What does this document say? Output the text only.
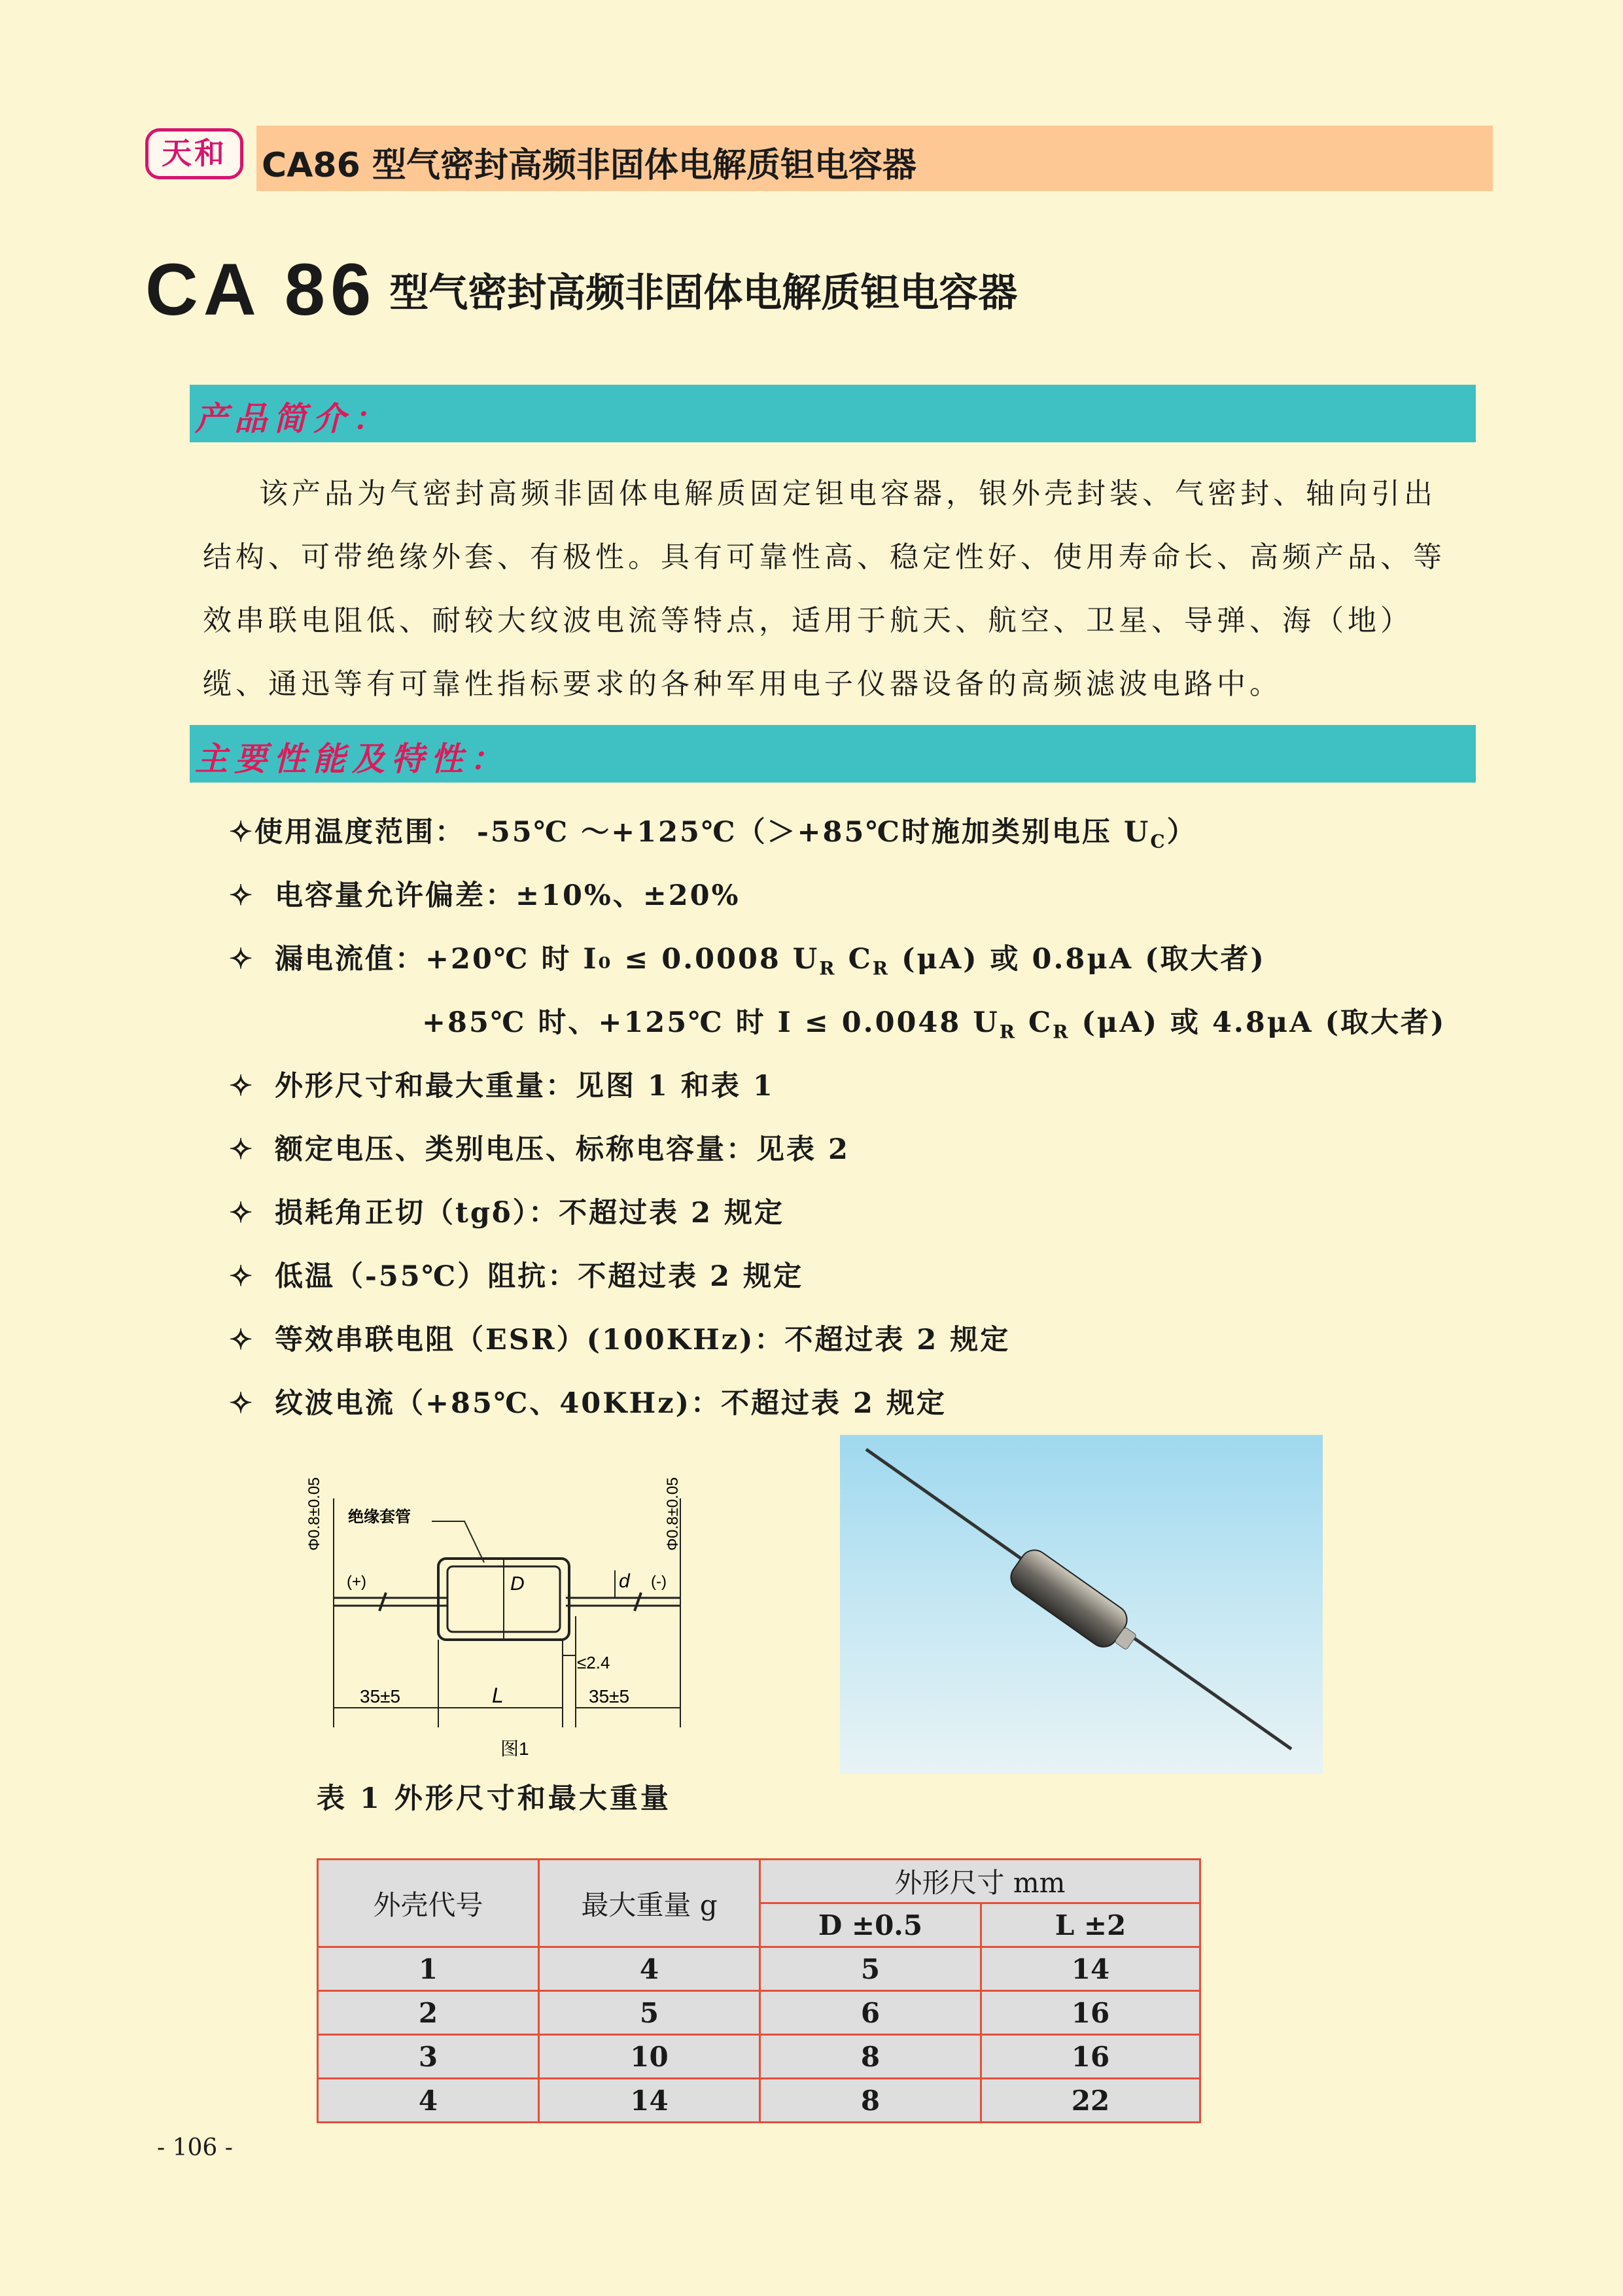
天和	CA86 型气密封高频非固体电解质钽电容器
CA 86 型气密封高频非固体电解质钽电容器
产品简介：
该产品为气密封高频非固体电解质固定钽电容器，银外壳封装、气密封、轴向引出
结构、可带绝缘外套、有极性。具有可靠性高、稳定性好、使用寿命长、高频产品、等
效串联电阻低、耐较大纹波电流等特点，适用于航天、航空、卫星、导弹、海（地）
缆、通迅等有可靠性指标要求的各种军用电子仪器设备的高频滤波电路中。
主要性能及特性：
✧使用温度范围： -55℃ ～+125℃（＞+85℃时施加类别电压 $U_C$）
✧ 电容量允许偏差：±10%、±20%
✧ 漏电流值：+20℃ 时 I₀ ≤ 0.0008 $U_R$ $C_R$ (μA) 或 0.8μA (取大者)
+85℃ 时、+125℃ 时 I ≤ 0.0048 $U_R$ $C_R$ (μA) 或 4.8μA (取大者)
✧ 外形尺寸和最大重量：见图 1 和表 1
✧ 额定电压、类别电压、标称电容量：见表 2
✧ 损耗角正切（tgδ）：不超过表 2 规定
✧ 低温（-55℃）阻抗：不超过表 2 规定
✧ 等效串联电阻（ESR）(100KHz)：不超过表 2 规定
✧ 纹波电流（+85℃、40KHz)：不超过表 2 规定
Φ0.8±0.05	Φ0.8±0.05
绝缘套管
(+)	(-)
D	d
≤2.4
35±5	L	35±5
图1
表 1 外形尺寸和最大重量
外壳代号	最大重量 g	外形尺寸 mm	
		D ±0.5	L ±2
1	4	5	14
2	5	6	16
3	10	8	16
4	14	8	22
- 106 -
